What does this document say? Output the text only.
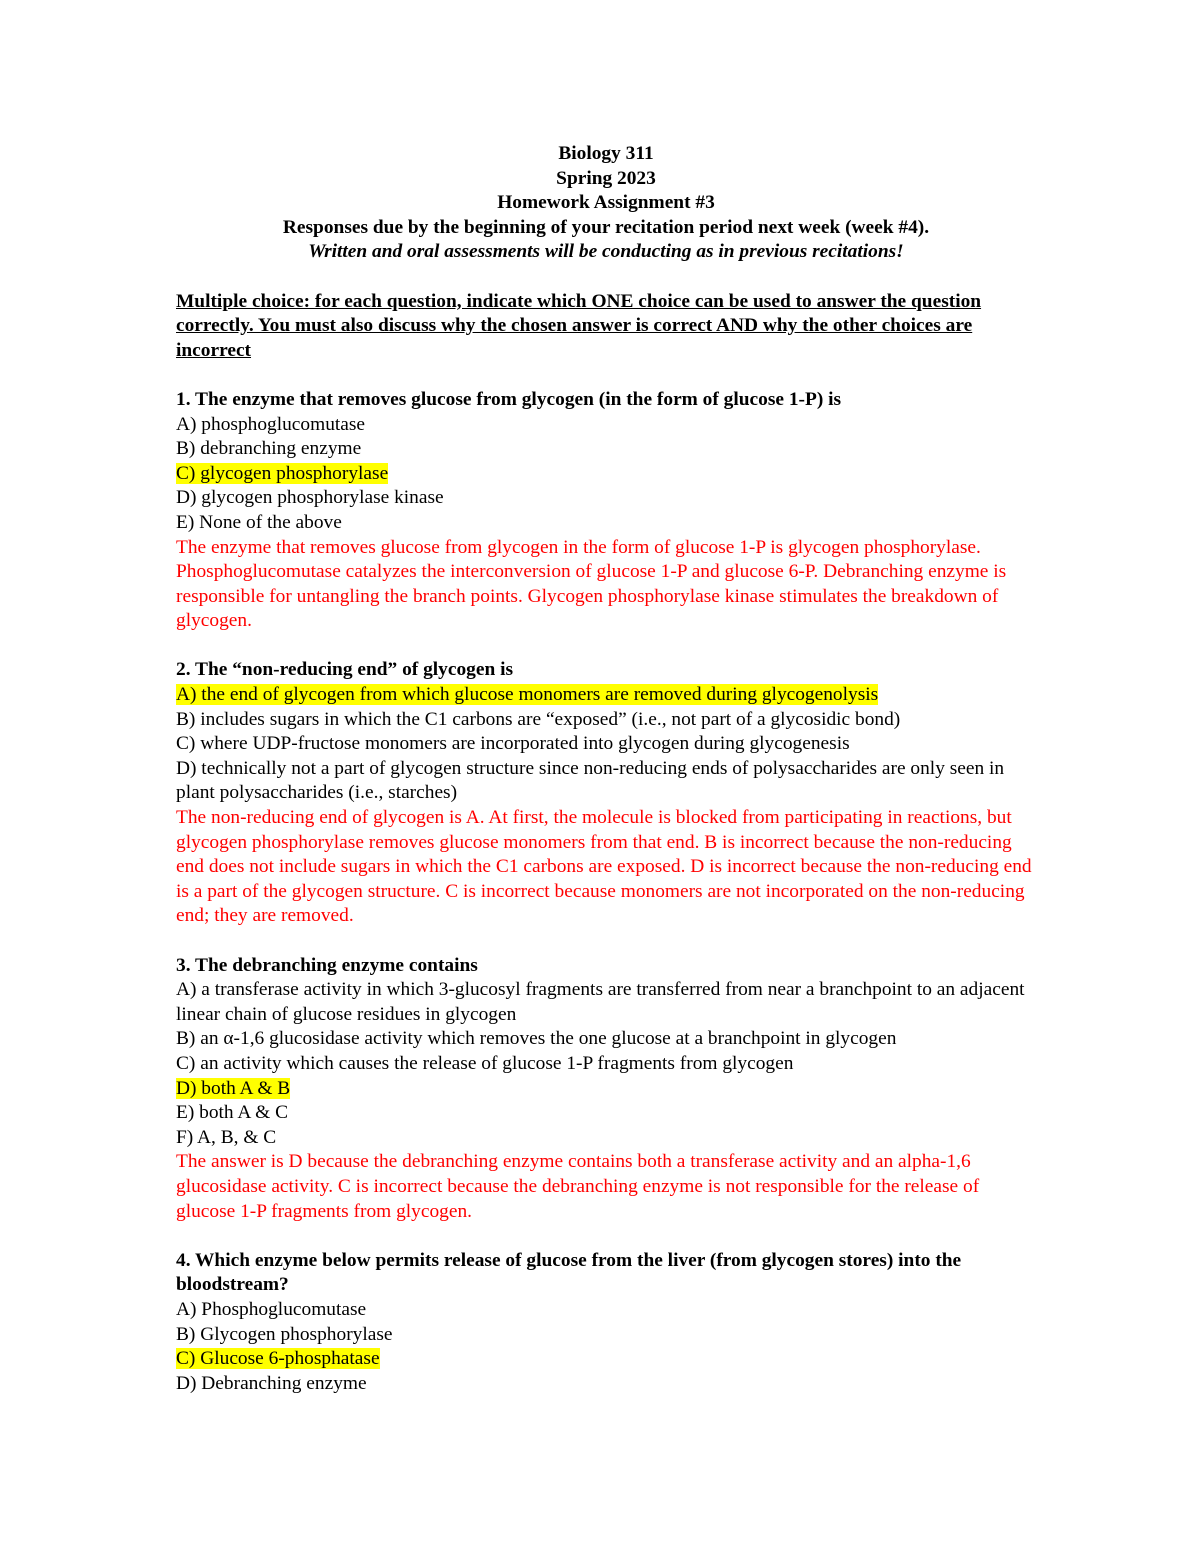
Biology 311
Spring 2023
Homework Assignment #3
Responses due by the beginning of your recitation period next week (week #4).
Written and oral assessments will be conducting as in previous recitations!
Multiple choice: for each question, indicate which ONE choice can be used to answer the question correctly. You must also discuss why the chosen answer is correct AND why the other choices are incorrect
1. The enzyme that removes glucose from glycogen (in the form of glucose 1-P) is
A) phosphoglucomutase
B) debranching enzyme
C) glycogen phosphorylase
D) glycogen phosphorylase kinase
E) None of the above
The enzyme that removes glucose from glycogen in the form of glucose 1-P is glycogen phosphorylase. Phosphoglucomutase catalyzes the interconversion of glucose 1-P and glucose 6-P. Debranching enzyme is responsible for untangling the branch points. Glycogen phosphorylase kinase stimulates the breakdown of glycogen.
2. The “non-reducing end” of glycogen is
A) the end of glycogen from which glucose monomers are removed during glycogenolysis
B) includes sugars in which the C1 carbons are “exposed” (i.e., not part of a glycosidic bond)
C) where UDP-fructose monomers are incorporated into glycogen during glycogenesis
D) technically not a part of glycogen structure since non-reducing ends of polysaccharides are only seen in plant polysaccharides (i.e., starches)
The non-reducing end of glycogen is A. At first, the molecule is blocked from participating in reactions, but glycogen phosphorylase removes glucose monomers from that end. B is incorrect because the non-reducing end does not include sugars in which the C1 carbons are exposed. D is incorrect because the non-reducing end is a part of the glycogen structure. C is incorrect because monomers are not incorporated on the non-reducing end; they are removed.
3. The debranching enzyme contains
A) a transferase activity in which 3-glucosyl fragments are transferred from near a branchpoint to an adjacent linear chain of glucose residues in glycogen
B) an α-1,6 glucosidase activity which removes the one glucose at a branchpoint in glycogen
C) an activity which causes the release of glucose 1-P fragments from glycogen
D) both A & B
E) both A & C
F) A, B, & C
The answer is D because the debranching enzyme contains both a transferase activity and an alpha-1,6 glucosidase activity. C is incorrect because the debranching enzyme is not responsible for the release of glucose 1-P fragments from glycogen.
4. Which enzyme below permits release of glucose from the liver (from glycogen stores) into the bloodstream?
A) Phosphoglucomutase
B) Glycogen phosphorylase
C) Glucose 6-phosphatase
D) Debranching enzyme
